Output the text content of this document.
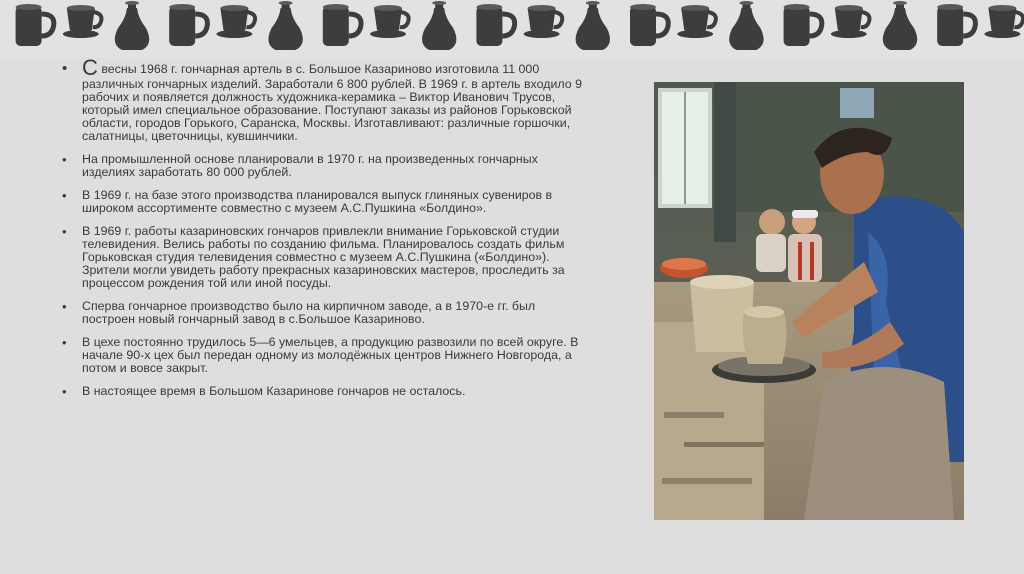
• С весны 1968 г. гончарная артель в с. Большое Казариново изготовила 11 000 различных гончарных изделий. Заработали 6 800 рублей. В 1969 г. в артель входило 9 рабочих и появляется должность художника-керамика – Виктор Иванович Трусов, который имел специальное образование. Поступают заказы из районов Горьковской области, городов Горького, Саранска, Москвы. Изготавливают: различные горшочки, салатницы, цветочницы, кувшинчики.

• На промышленной основе планировали в 1970 г. на произведенных гончарных изделиях заработать 80 000 рублей.

• В 1969 г. на базе этого производства планировался выпуск глиняных сувениров в широком ассортименте совместно с музеем А.С.Пушкина «Болдино».

• В 1969 г. работы казариновских гончаров привлекли внимание Горьковской студии телевидения. Велись работы по созданию фильма. Планировалось создать фильм Горьковская студия телевидения совместно с музеем А.С.Пушкина («Болдино»). Зрители могли увидеть работу прекрасных казариновских мастеров, проследить за процессом рождения той или иной посуды.

• Сперва гончарное производство было на кирпичном заводе, а в 1970-е гг. был построен новый гончарный завод в с.Большое Казариново.

• В цехе постоянно трудилось 5—6 умельцев, а продукцию развозили по всей округе. В начале 90-х цех был передан одному из молодёжных центров Нижнего Новгорода, а потом и вовсе закрыт.

• В настоящее время в Большом Казаринове гончаров не осталось.
